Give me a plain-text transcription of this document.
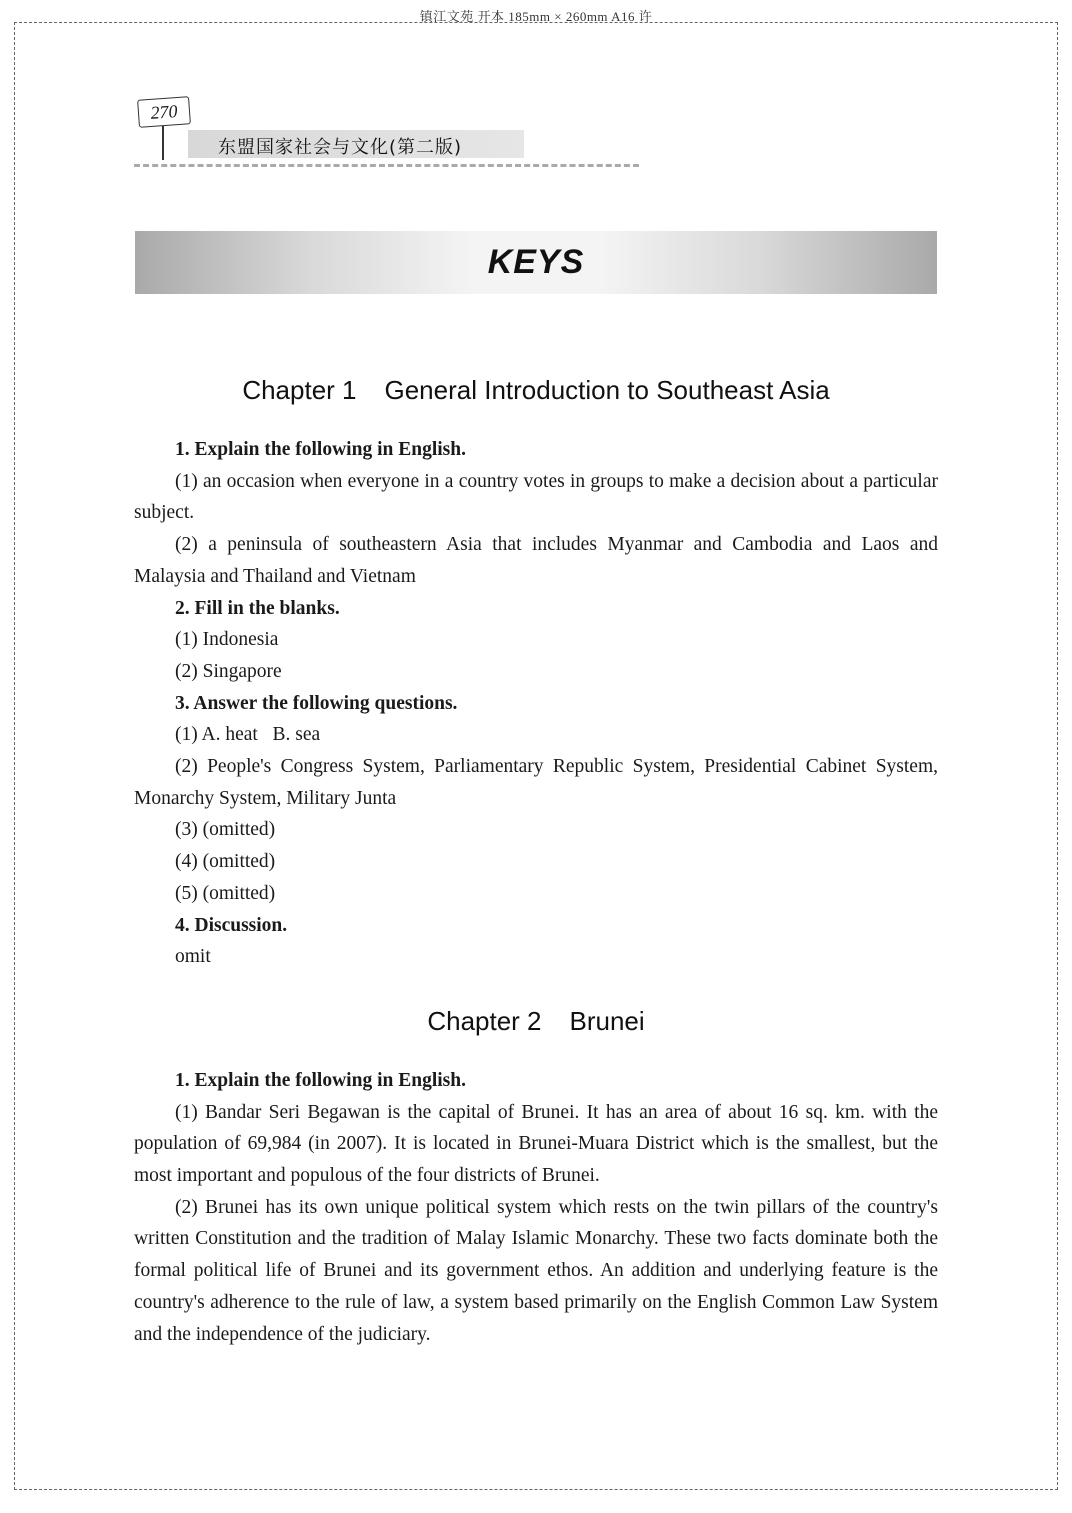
镇江文苑 开本 185mm × 260mm A16 许
270
东盟国家社会与文化(第二版)
KEYS
Chapter 1 General Introduction to Southeast Asia

1. Explain the following in English.

(1) an occasion when everyone in a country votes in groups to make a decision about a particular subject.

(2) a peninsula of southeastern Asia that includes Myanmar and Cambodia and Laos and Malaysia and Thailand and Vietnam

2. Fill in the blanks.

(1) Indonesia

(2) Singapore

3. Answer the following questions.

(1) A. heat   B. sea

(2) People's Congress System, Parliamentary Republic System, Presidential Cabinet System, Monarchy System, Military Junta

(3) (omitted)

(4) (omitted)

(5) (omitted)

4. Discussion.

omit

Chapter 2 Brunei

1. Explain the following in English.

(1) Bandar Seri Begawan is the capital of Brunei. It has an area of about 16 sq. km. with the population of 69,984 (in 2007). It is located in Brunei-Muara District which is the smallest, but the most important and populous of the four districts of Brunei.

(2) Brunei has its own unique political system which rests on the twin pillars of the country's written Constitution and the tradition of Malay Islamic Monarchy. These two facts dominate both the formal political life of Brunei and its government ethos. An addition and underlying feature is the country's adherence to the rule of law, a system based primarily on the English Common Law System and the independence of the judiciary.
